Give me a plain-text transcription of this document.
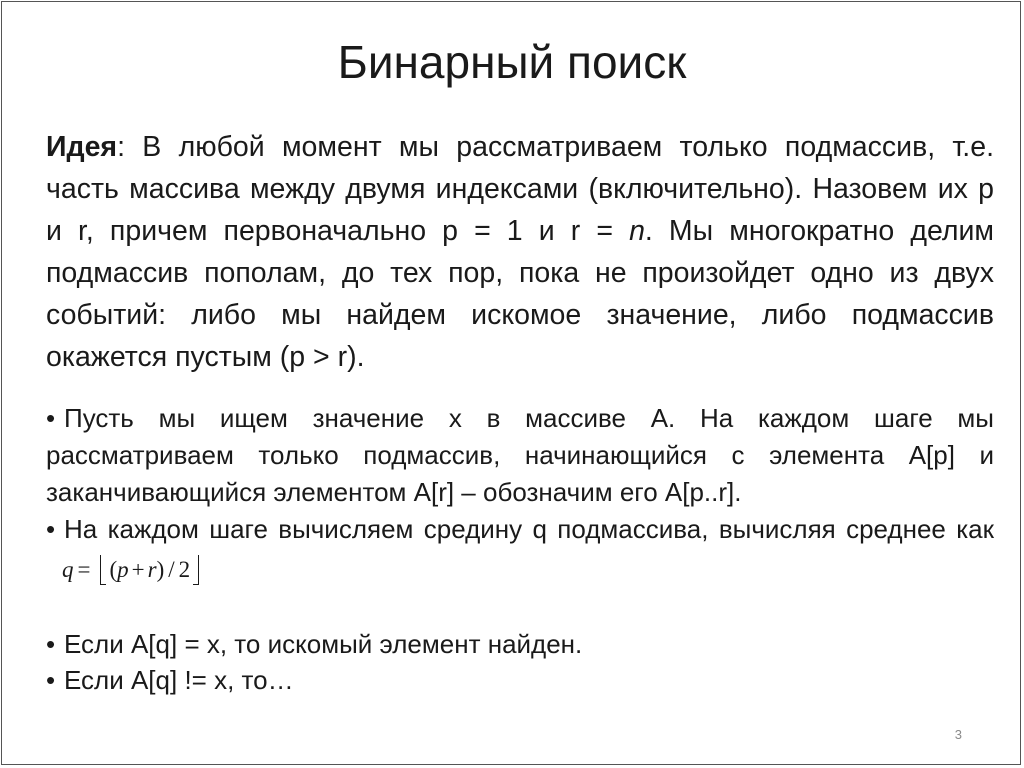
Бинарный поиск
Идея: В любой момент мы рассматриваем только подмассив, т.е. часть массива между двумя индексами (включительно). Назовем их p и r, причем первоначально p = 1 и r = n. Мы многократно делим подмассив пополам, до тех пор, пока не произойдет одно из двух событий: либо мы найдем искомое значение, либо подмассив окажется пустым (p > r).
• Пусть мы ищем значение x в массиве A. На каждом шаге мы рассматриваем только подмассив, начинающийся с элемента A[p] и заканчивающийся элементом A[r] – обозначим его A[p..r].
• На каждом шаге вычисляем средину q подмассива, вычисляя среднее как
q = ( p + r ) / 2
• Если A[q] = x, то искомый элемент найден.
• Если A[q] != x, то…
3
